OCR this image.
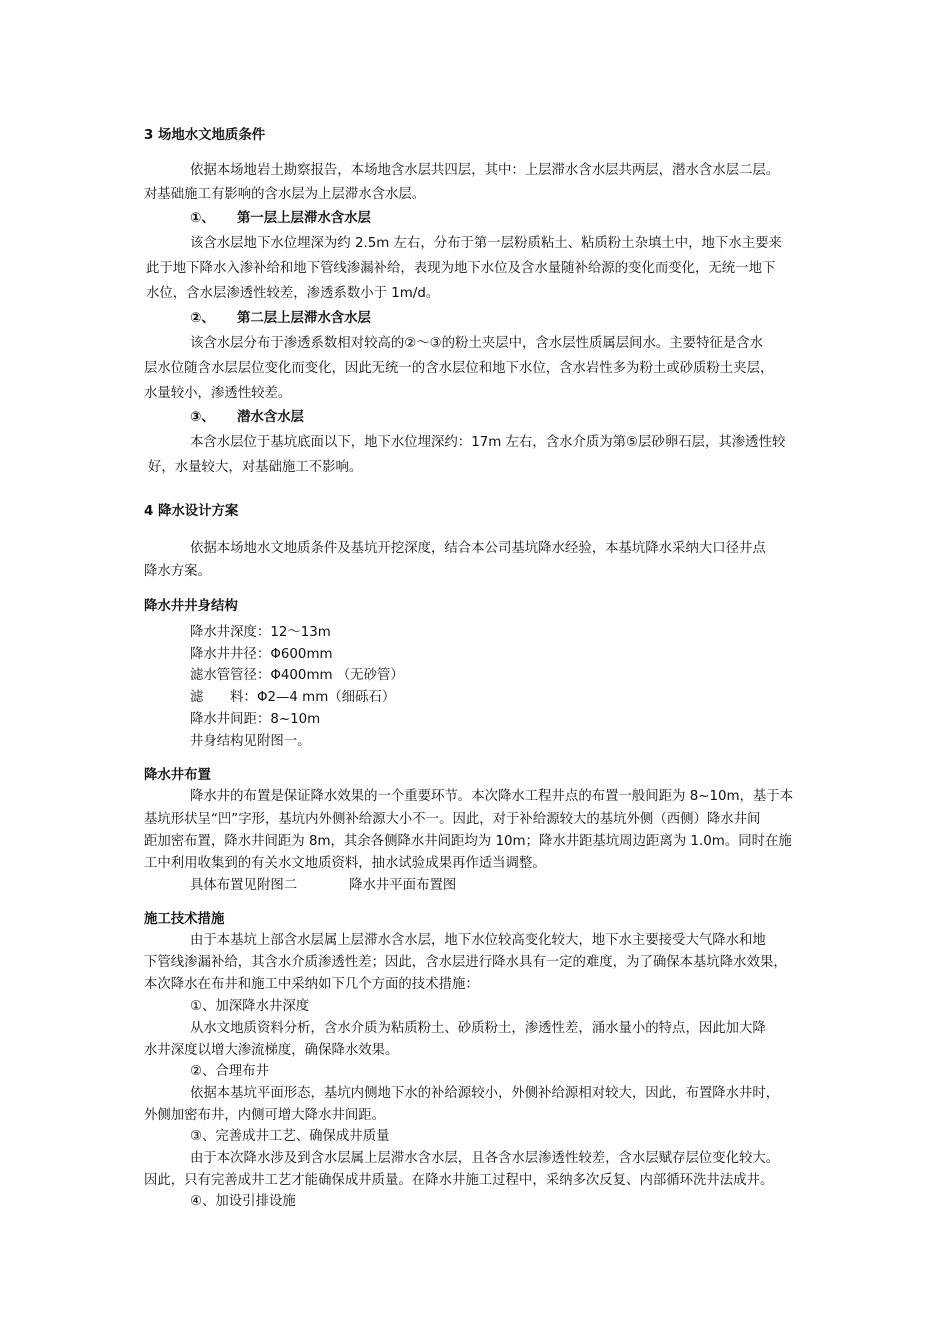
3 场地水文地质条件
依据本场地岩土勘察报告，本场地含水层共四层，其中：上层滞水含水层共两层，潜水含水层二层。
对基础施工有影响的含水层为上层滞水含水层。
①、 第一层上层滞水含水层
该含水层地下水位埋深为约 2.5m 左右，分布于第一层粉质粘土、粘质粉土杂填土中，地下水主要来
此于地下降水入渗补给和地下管线渗漏补给，表现为地下水位及含水量随补给源的变化而变化，无统一地下
水位，含水层渗透性较差，渗透系数小于 1m/d。
②、 第二层上层滞水含水层
该含水层分布于渗透系数相对较高的②～③的粉土夹层中，含水层性质属层间水。主要特征是含水
层水位随含水层层位变化而变化，因此无统一的含水层位和地下水位，含水岩性多为粉土或砂质粉土夹层，
水量较小，渗透性较差。
③、 潜水含水层
本含水层位于基坑底面以下，地下水位埋深约：17m 左右，含水介质为第⑤层砂卵石层，其渗透性较
好，水量较大，对基础施工不影响。
4 降水设计方案
依据本场地水文地质条件及基坑开挖深度，结合本公司基坑降水经验，本基坑降水采纳大口径井点
降水方案。
降水井井身结构
降水井深度：12～13m
降水井井径：Φ600mm
滤水管管径：Φ400mm （无砂管）
滤　　料：Φ2—4 mm（细砾石）
降水井间距：8~10m
井身结构见附图一。
降水井布置
降水井的布置是保证降水效果的一个重要环节。本次降水工程井点的布置一般间距为 8~10m，基于本
基坑形状呈“凹”字形，基坑内外侧补给源大小不一。因此，对于补给源较大的基坑外侧（西侧）降水井间
距加密布置，降水井间距为 8m，其余各侧降水井间距均为 10m；降水井距基坑周边距离为 1.0m。同时在施
工中利用收集到的有关水文地质资料，抽水试验成果再作适当调整。
具体布置见附图二	降水井平面布置图
施工技术措施
由于本基坑上部含水层属上层滞水含水层，地下水位较高变化较大，地下水主要接受大气降水和地
下管线渗漏补给，其含水介质渗透性差；因此，含水层进行降水具有一定的难度，为了确保本基坑降水效果，
本次降水在布井和施工中采纳如下几个方面的技术措施：
①、加深降水井深度
从水文地质资料分析，含水介质为粘质粉土、砂质粉土，渗透性差，涌水量小的特点，因此加大降
水井深度以增大渗流梯度，确保降水效果。
②、合理布井
依据本基坑平面形态，基坑内侧地下水的补给源较小，外侧补给源相对较大，因此，布置降水井时，
外侧加密布井，内侧可增大降水井间距。
③、完善成井工艺、确保成井质量
由于本次降水涉及到含水层属上层滞水含水层，且各含水层渗透性较差，含水层赋存层位变化较大。
因此，只有完善成井工艺才能确保成井质量。在降水井施工过程中，采纳多次反复、内部循环洗井法成井。
④、加设引排设施
